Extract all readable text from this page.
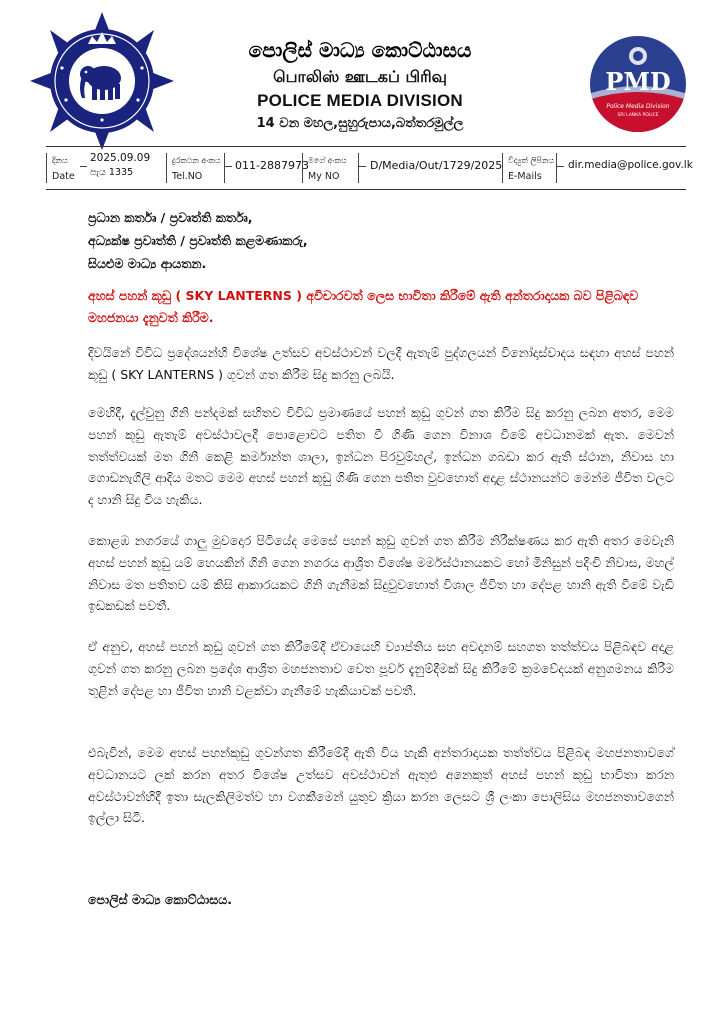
පොලිස් මාධ්‍ය කොට්ඨාසය
பொலிஸ் ஊடகப் பிரிவு
POLICE MEDIA DIVISION
14 වන මහල,සුහුරුපාය,බත්තරමුල්ල
PMD
Police Media Division
SRI LANKA POLICE
දිනය
Date
2025.09.09
පැය 1335
දුරකථන අංකය
Tel.NO
011-2887973 මගේ අංකය
My NO
D/Media/Out/1729/2025 විද්‍යුත් ලිපිනය
E-Mails
dir.media@police.gov.lk
ප්‍රධාන කර්තෘ / ප්‍රවෘත්ති කර්තෘ,
අධ්‍යක්ෂ ප්‍රවෘත්ති / ප්‍රවෘත්ති කළමණාකරු,
සියළුම මාධ්‍ය ආයතන.
අහස් පහන් කූඩු ( SKY LANTERNS ) අවිචාරවත් ලෙස භාවිතා කිරීමේ ඇති අන්තරාදායක බව පිළිබඳව මහජනයා දැනුවත් කිරීම.
දිවයිනේ විවිධ ප්‍රදේශයන්හි විශේෂ උත්සව අවස්ථාවන් වලදී ඇතැම් පුද්ගලයන් විනෝදාස්වාදය සඳහා අහස් පහන් කූඩු ( SKY LANTERNS ) ගුවන් ගත කිරීම සිදු කරනු ලබයි.
මෙහිදී, දැල්වුනු ගිනි පන්දමක් සහිතව විවිධ ප්‍රමාණයේ පහන් කූඩු ගුවන් ගත කිරීම සිදු කරනු ලබන අතර, මෙම පහන් කූඩු ඇතැම් අවස්ථාවලදී පොළොවට පතිත වී ගිණි ගෙන විනාශ වීමේ අවධානමක් ඇත. මෙවන් තත්ත්වයක් මත ගිනි කෙළි කර්මාන්ත ශාලා, ඉන්ධන පිරවුම්හල්, ඉන්ධන ගබඩා කර ඇති ස්ථාන, නිවාස හා ගොඩනැගිලි ආදිය මතට මෙම අහස් පහන් කූඩු ගිණි ගෙන පතිත වුවහොත් අදාළ ස්ථානයන්ට මෙන්ම ජීවිත වලට ද හානි සිදු විය හැකිය.
කොළඹ නගරයේ ගාලු මුවදොර පිටියේද මෙසේ පහන් කූඩු ගුවන් ගත කිරීම නිරීක්ෂණය කර ඇති අතර මෙවැනි අහස් පහන් කූඩු යම් හෙයකින් ගිනි ගෙන නගරය ආශ්‍රිත විශේෂ මර්මස්ථානයකට හෝ මිනිසුන් පදිංචි නිවාස, මහල් නිවාස මත පතිතව යම් කිසි ආකාරයකට ගිනි ගැනීමක් සිදුවුවහොත් විශාල ජීවිත හා දේපළ හානි ඇති වීමේ වැඩි ඉඩකඩක් පවතී.
ඒ අනුව, අහස් පහන් කූඩු ගුවන් ගත කිරීමේදී ඒවායෙහි ව්‍යාප්තිය සහ අවදානම් සහගත තත්ත්වය පිළිබඳව අදාළ ගුවන් ගත කරනු ලබන ප්‍රදේශ ආශ්‍රිත මහජනතාව වෙත පූර්ව දැනුම්දීමක් සිදු කිරීමේ ක්‍රමවේදයක් අනුගමනය කිරීම තුළින් දේපළ හා ජීවිත හානි වළක්වා ගැනීමේ හැකියාවක් පවතී.
එබැවින්, මෙම අහස් පහන්කූඩු ගුවන්ගත කිරීමේදී ඇති විය හැකි අන්තරාදායක තත්ත්වය පිළිබඳ මහජනතාවගේ අවධානයට ලක් කරන අතර විශේෂ උත්සව අවස්ථාවන් ඇතුළු අනෙකුත් අහස් පහන් කූඩු භාවිතා කරන අවස්ථාවන්හිදී ඉතා සැලකිලිමත්ව හා වගකීමෙන් යුතුව ක්‍රියා කරන ලෙසට ශ්‍රී ලංකා පොලිසිය මහජනතාවගෙන් ඉල්ලා සිටී.
පොලිස් මාධ්‍ය කොට්ඨාසය.
